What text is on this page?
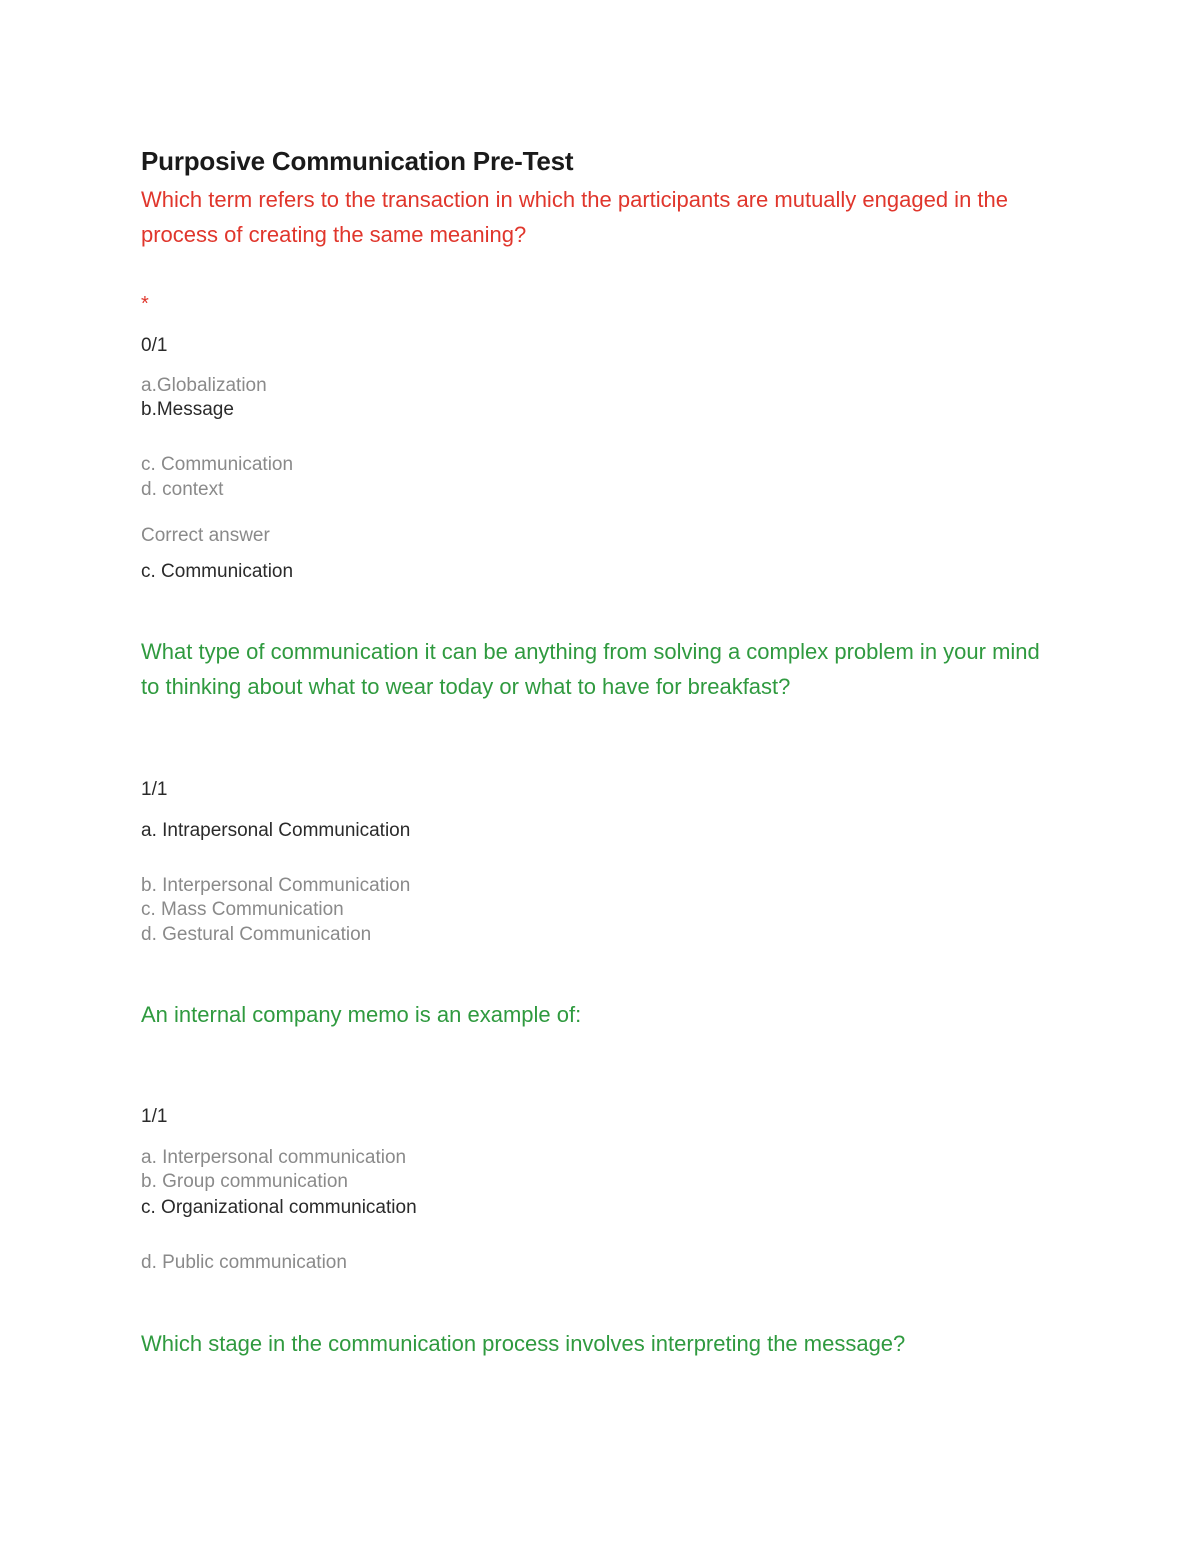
Purposive Communication Pre-Test
Which term refers to the transaction in which the participants are mutually engaged in the process of creating the same meaning?
*
0/1
a.Globalization
b.Message
c. Communication
d. context
Correct answer
c. Communication
What type of communication it can be anything from solving a complex problem in your mind to thinking about what to wear today or what to have for breakfast?
1/1
a. Intrapersonal Communication
b. Interpersonal Communication
c. Mass Communication
d. Gestural Communication
An internal company memo is an example of:
1/1
a. Interpersonal communication
b. Group communication
c. Organizational communication
d. Public communication
Which stage in the communication process involves interpreting the message?
